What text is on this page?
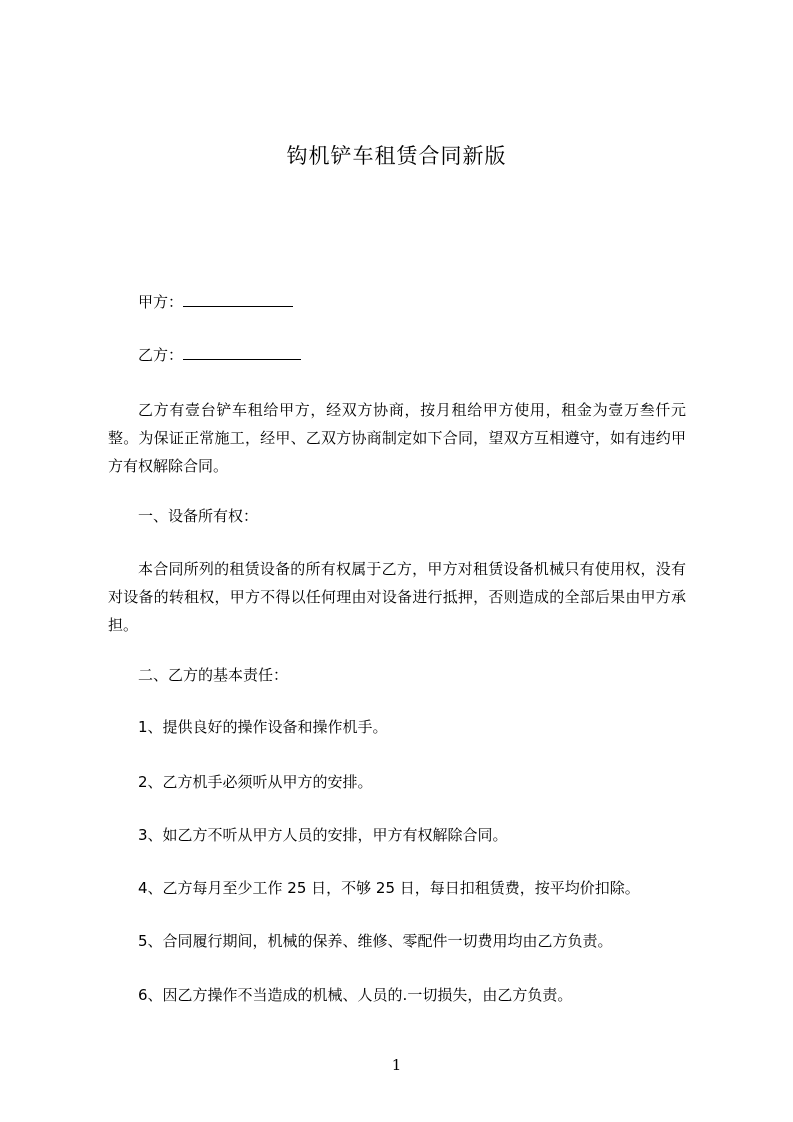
钩机铲车租赁合同新版
甲方：
乙方：
乙方有壹台铲车租给甲方，经双方协商，按月租给甲方使用，租金为壹万叁仟元整。为保证正常施工，经甲、乙双方协商制定如下合同，望双方互相遵守，如有违约甲方有权解除合同。
一、设备所有权：
本合同所列的租赁设备的所有权属于乙方，甲方对租赁设备机械只有使用权，没有对设备的转租权，甲方不得以任何理由对设备进行抵押，否则造成的全部后果由甲方承担。
二、乙方的基本责任：
1、提供良好的操作设备和操作机手。
2、乙方机手必须听从甲方的安排。
3、如乙方不听从甲方人员的安排，甲方有权解除合同。
4、乙方每月至少工作 25 日，不够 25 日，每日扣租赁费，按平均价扣除。
5、合同履行期间，机械的保养、维修、零配件一切费用均由乙方负责。
6、因乙方操作不当造成的机械、人员的.一切损失，由乙方负责。
1
